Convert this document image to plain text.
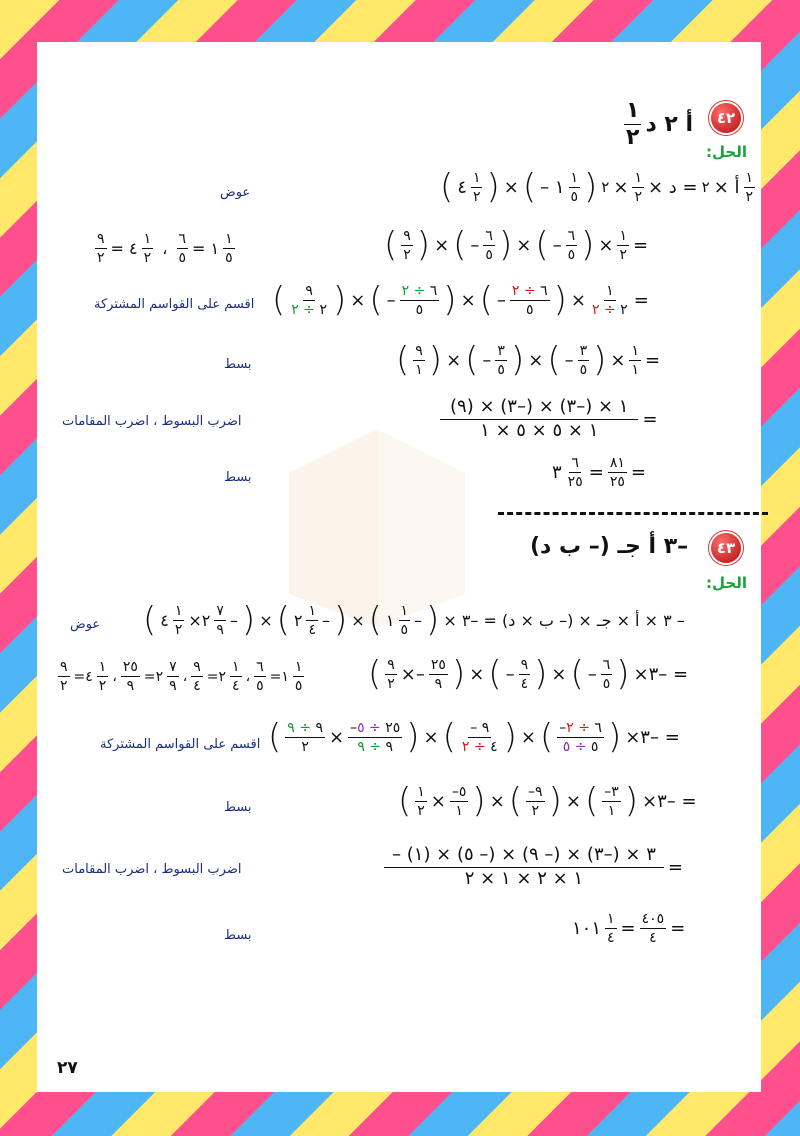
٤٢
١
٢
أ ٢ د
الحل:
عوض	( ٤ ١
٢ ) × ( – ١ ١
٥ ) ٢ × ١
٢ × د = ٢ × أ ١
٢
٩
٢ = ٤ ١
٢ ، ٦
٥ = ١ ١
٥	( ٩
٢ ) × ( – ٦
٥ ) × ( – ٦
٥ ) × ١
٢ =
اقسم على القواسم المشتركة ( ٩
٢ ÷ ٢ ) × ( –	٦ ÷ ٢
٥ ) × ( –	٦ ÷ ٢
٥ ) × ١
٢ ÷ ٢ =
بسط	( ٩
١ ) × ( – ٣
٥ ) × ( – ٣
٥ ) × ١
١ =
اضرب البسوط ، اضرب المقامات
١ × (–٣) × (–٣) × (٩)
١ × ٥ × ٥ × ١
=
بسط	٣ ٦
٢٥ = ٨١
٢٥ =
٤٣
–٣ أ جـ (– ب د)
الحل:
عوض ( ٤ ١
٢ ×٢ ٧
٩ – ) × ( ٢ ١
٤ – ) × ( ١ ١
٥ – ) – ٣ × أ × جـ × (– ب × د) = –٣ ×
٩
٢
=٤
١
٢
،
٢٥
٩
=٢
٧
٩
،
٩
٤
=٢
١
٤
،
٦
٥
=١
١
٥ ( ٩
٢ ×– ٢٥
٩ ) × ( – ٩
٤ ) × ( – ٦
٥ ) ×٣– =
اقسم على القواسم المشتركة (	٩ ÷ ٩
٢ × –٢٥ ÷ ٥
٩ ÷ ٩ ) × ( – ٩
٤ ÷ ٢ ) × ( –٦ ÷ ٢
٥ ÷ ٥ ) ×٣– =
بسط	( ١
٢ × –٥
١ ) × ( –٩
٢ ) × ( –٣
١ ) ×٣– =
اضرب البسوط ، اضرب المقامات
– ٣ × (–٣) × (– ٩) × (– ٥) × (١)
١ × ٢ × ١ × ٢
=
بسط	١٠١ ١
٤ = ٤٠٥
٤ =
٢٧
